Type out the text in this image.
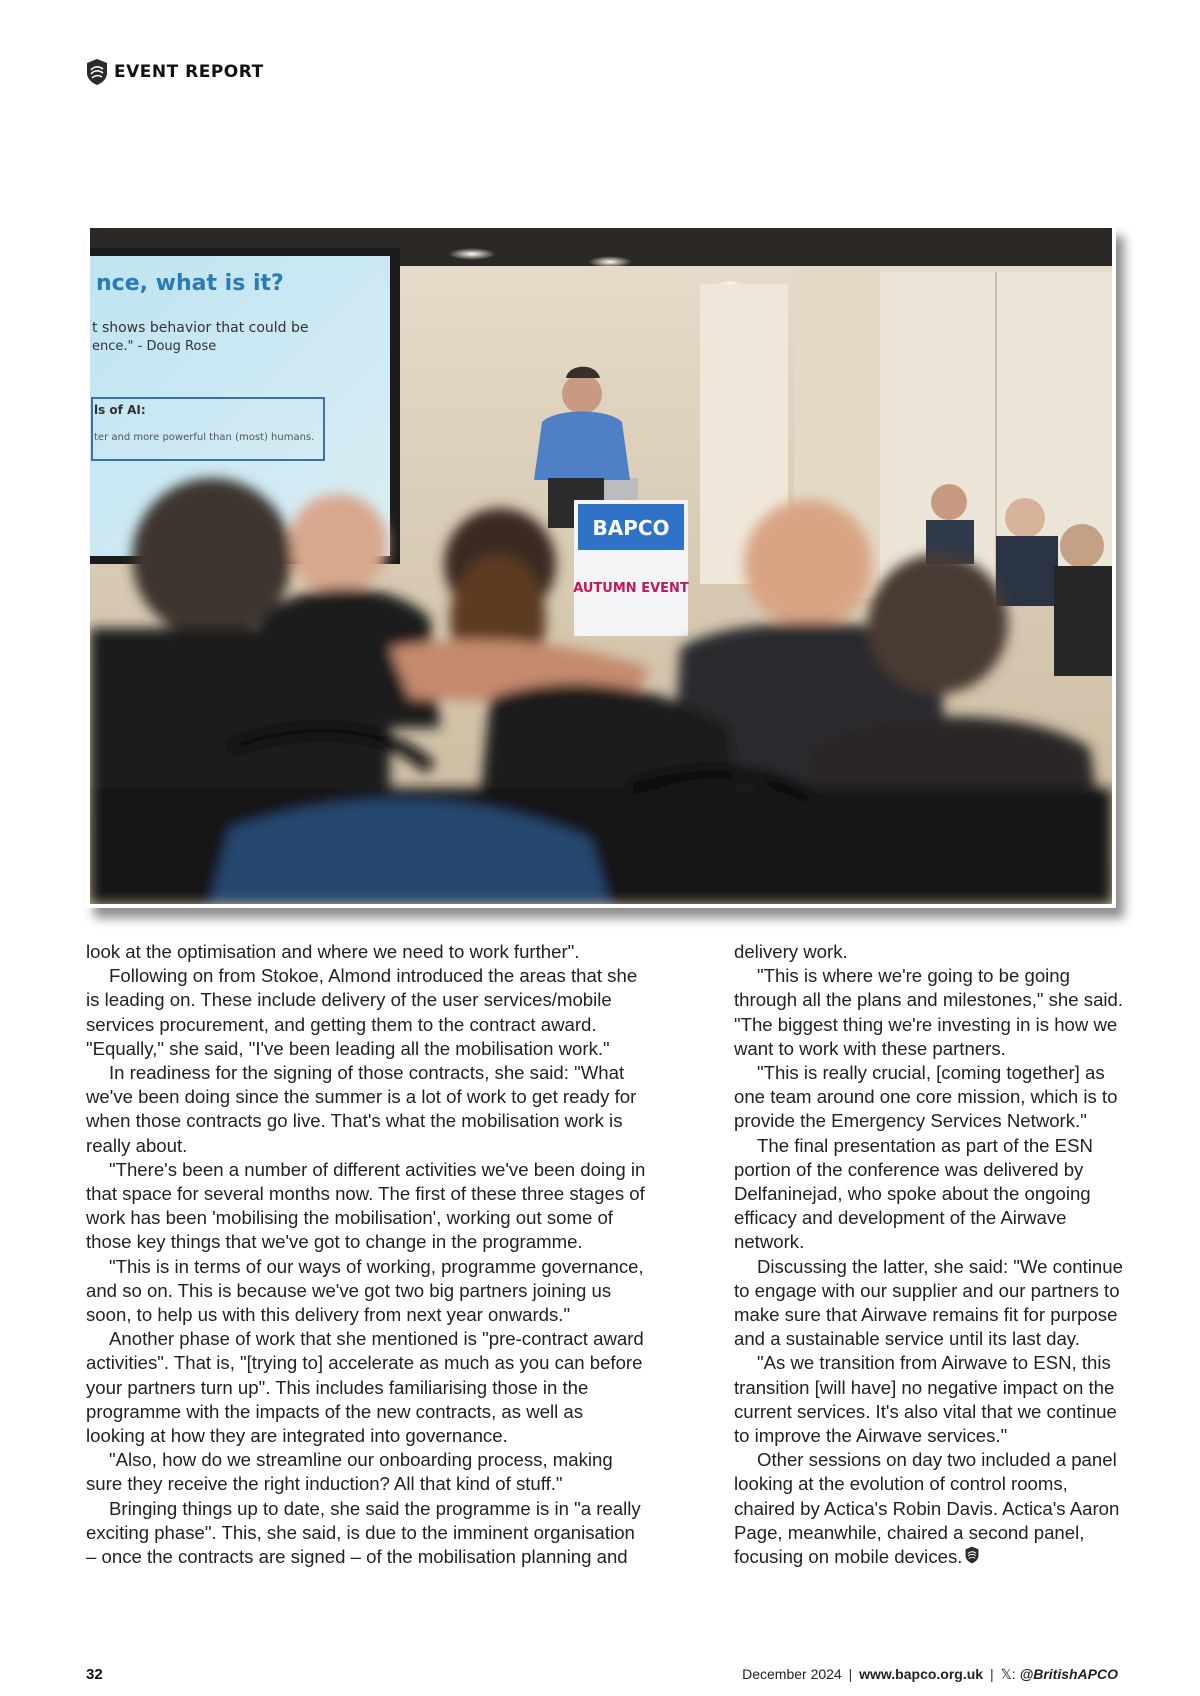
EVENT REPORT
nce, what is it?
t shows behavior that could be
ence." - Doug Rose
ls of AI:
ter and more powerful than (most) humans.
BAPCO
AUTUMN EVENT

look at the optimisation and where we need to work further".

Following on from Stokoe, Almond introduced the areas that she is leading on. These include delivery of the user services/mobile services procurement, and getting them to the contract award. "Equally," she said, "I've been leading all the mobilisation work."

In readiness for the signing of those contracts, she said: "What we've been doing since the summer is a lot of work to get ready for when those contracts go live. That's what the mobilisation work is really about.

"There's been a number of different activities we've been doing in that space for several months now. The first of these three stages of work has been 'mobilising the mobilisation', working out some of those key things that we've got to change in the programme.

"This is in terms of our ways of working, programme governance, and so on. This is because we've got two big partners joining us soon, to help us with this delivery from next year onwards."

Another phase of work that she mentioned is "pre-contract award activities". That is, "[trying to] accelerate as much as you can before your partners turn up". This includes familiarising those in the programme with the impacts of the new contracts, as well as looking at how they are integrated into governance.

"Also, how do we streamline our onboarding process, making sure they receive the right induction? All that kind of stuff."

Bringing things up to date, she said the programme is in "a really exciting phase". This, she said, is due to the imminent organisation – once the contracts are signed – of the mobilisation planning and

delivery work.

"This is where we're going to be going through all the plans and milestones," she said. "The biggest thing we're investing in is how we want to work with these partners.

"This is really crucial, [coming together] as one team around one core mission, which is to provide the Emergency Services Network."

The final presentation as part of the ESN portion of the conference was delivered by Delfaninejad, who spoke about the ongoing efficacy and development of the Airwave network.

Discussing the latter, she said: "We continue to engage with our supplier and our partners to make sure that Airwave remains fit for purpose and a sustainable service until its last day.

"As we transition from Airwave to ESN, this transition [will have] no negative impact on the current services. It's also vital that we continue to improve the Airwave services."

Other sessions on day two included a panel looking at the evolution of control rooms, chaired by Actica's Robin Davis. Actica's Aaron Page, meanwhile, chaired a second panel, focusing on mobile devices.

32	December 2024 | www.bapco.org.uk | 𝕏: @BritishAPCO
